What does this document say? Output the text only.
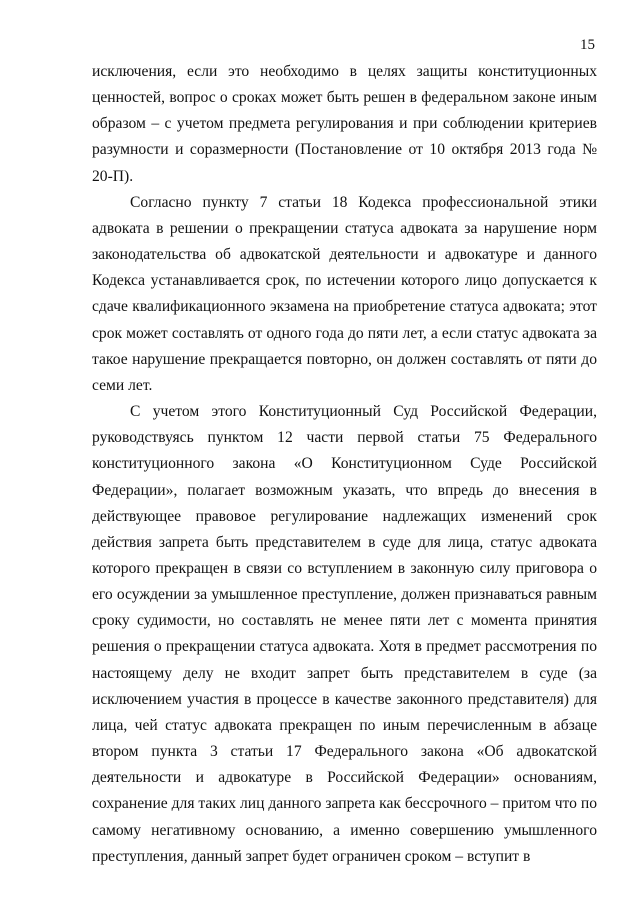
15

исключения, если это необходимо в целях защиты конституционных ценностей, вопрос о сроках может быть решен в федеральном законе иным образом – с учетом предмета регулирования и при соблюдении критериев разумности и соразмерности (Постановление от 10 октября 2013 года № 20-П).

Согласно пункту 7 статьи 18 Кодекса профессиональной этики адвоката в решении о прекращении статуса адвоката за нарушение норм законодательства об адвокатской деятельности и адвокатуре и данного Кодекса устанавливается срок, по истечении которого лицо допускается к сдаче квалификационного экзамена на приобретение статуса адвоката; этот срок может составлять от одного года до пяти лет, а если статус адвоката за такое нарушение прекращается повторно, он должен составлять от пяти до семи лет.

С учетом этого Конституционный Суд Российской Федерации, руководствуясь пунктом 12 части первой статьи 75 Федерального конституционного закона «О Конституционном Суде Российской Федерации», полагает возможным указать, что впредь до внесения в действующее правовое регулирование надлежащих изменений срок действия запрета быть представителем в суде для лица, статус адвоката которого прекращен в связи со вступлением в законную силу приговора о его осуждении за умышленное преступление, должен признаваться равным сроку судимости, но составлять не менее пяти лет с момента принятия решения о прекращении статуса адвоката. Хотя в предмет рассмотрения по настоящему делу не входит запрет быть представителем в суде (за исключением участия в процессе в качестве законного представителя) для лица, чей статус адвоката прекращен по иным перечисленным в абзаце втором пункта 3 статьи 17 Федерального закона «Об адвокатской деятельности и адвокатуре в Российской Федерации» основаниям, сохранение для таких лиц данного запрета как бессрочного – притом что по самому негативному основанию, а именно совершению умышленного преступления, данный запрет будет ограничен сроком – вступит в
